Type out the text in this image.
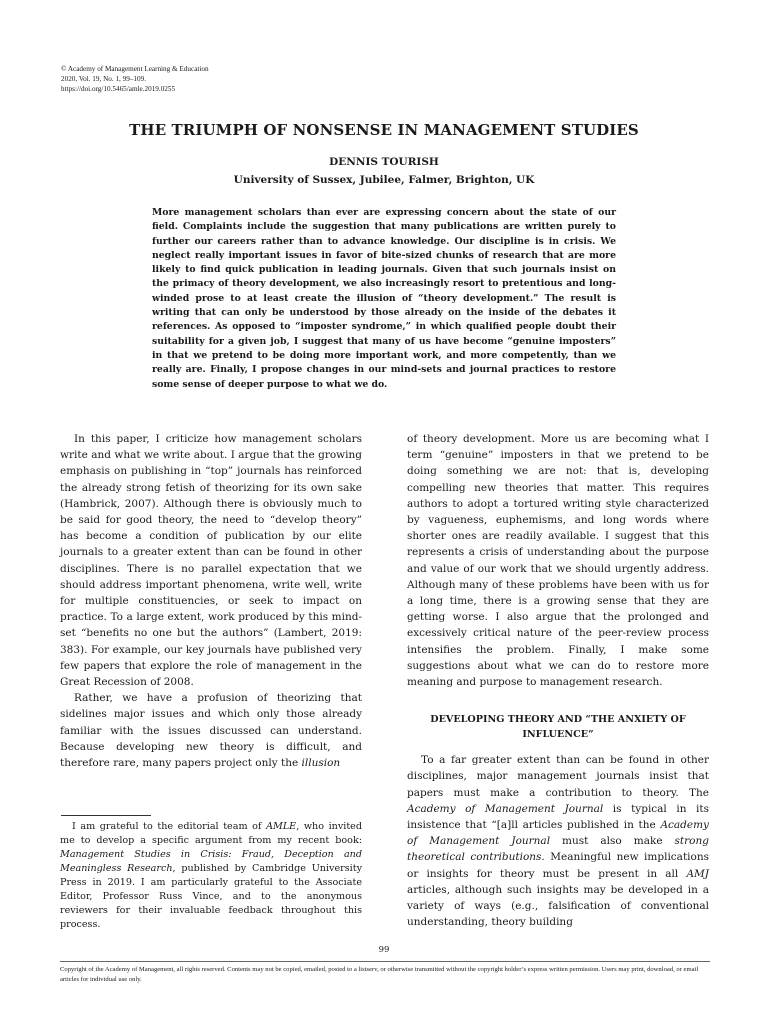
© Academy of Management Learning & Education
2020, Vol. 19, No. 1, 99–109.
https://doi.org/10.5465/amle.2019.0255
THE TRIUMPH OF NONSENSE IN MANAGEMENT STUDIES
DENNIS TOURISH
University of Sussex, Jubilee, Falmer, Brighton, UK
More management scholars than ever are expressing concern about the state of our field. Complaints include the suggestion that many publications are written purely to further our careers rather than to advance knowledge. Our discipline is in crisis. We neglect really important issues in favor of bite-sized chunks of research that are more likely to find quick publication in leading journals. Given that such journals insist on the primacy of theory development, we also increasingly resort to pretentious and long-winded prose to at least create the illusion of “theory development.” The result is writing that can only be understood by those already on the inside of the debates it references. As opposed to “imposter syndrome,” in which qualified people doubt their suitability for a given job, I suggest that many of us have become “genuine imposters” in that we pretend to be doing more important work, and more competently, than we really are. Finally, I propose changes in our mind-sets and journal practices to restore some sense of deeper purpose to what we do.

In this paper, I criticize how management scholars write and what we write about. I argue that the growing emphasis on publishing in “top” journals has reinforced the already strong fetish of theorizing for its own sake (Hambrick, 2007). Although there is obviously much to be said for good theory, the need to “develop theory” has become a condition of publication by our elite journals to a greater extent than can be found in other disciplines. There is no parallel expectation that we should address important phenomena, write well, write for multiple constituencies, or seek to impact on practice. To a large extent, work produced by this mind-set “benefits no one but the authors” (Lambert, 2019: 383). For example, our key journals have published very few papers that explore the role of management in the Great Recession of 2008.

Rather, we have a profusion of theorizing that sidelines major issues and which only those already familiar with the issues discussed can understand. Because developing new theory is difficult, and therefore rare, many papers project only the illusion

of theory development. More us are becoming what I term “genuine” imposters in that we pretend to be doing something we are not: that is, developing compelling new theories that matter. This requires authors to adopt a tortured writing style characterized by vagueness, euphemisms, and long words where shorter ones are readily available. I suggest that this represents a crisis of understanding about the purpose and value of our work that we should urgently address. Although many of these problems have been with us for a long time, there is a growing sense that they are getting worse. I also argue that the prolonged and excessively critical nature of the peer-review process intensifies the problem. Finally, I make some suggestions about what we can do to restore more meaning and purpose to management research.

DEVELOPING THEORY AND “THE ANXIETY OF INFLUENCE”

To a far greater extent than can be found in other disciplines, major management journals insist that papers must make a contribution to theory. The Academy of Management Journal is typical in its insistence that “[a]ll articles published in the Academy of Management Journal must also make strong theoretical contributions. Meaningful new implications or insights for theory must be present in all AMJ articles, although such insights may be developed in a variety of ways (e.g., falsification of conventional understanding, theory building

I am grateful to the editorial team of AMLE, who invited me to develop a specific argument from my recent book: Management Studies in Crisis: Fraud, Deception and Meaningless Research, published by Cambridge University Press in 2019. I am particularly grateful to the Associate Editor, Professor Russ Vince, and to the anonymous reviewers for their invaluable feedback throughout this process.
99
Copyright of the Academy of Management, all rights reserved. Contents may not be copied, emailed, posted to a listserv, or otherwise transmitted without the copyright holder’s express written permission. Users may print, download, or email articles for individual use only.
